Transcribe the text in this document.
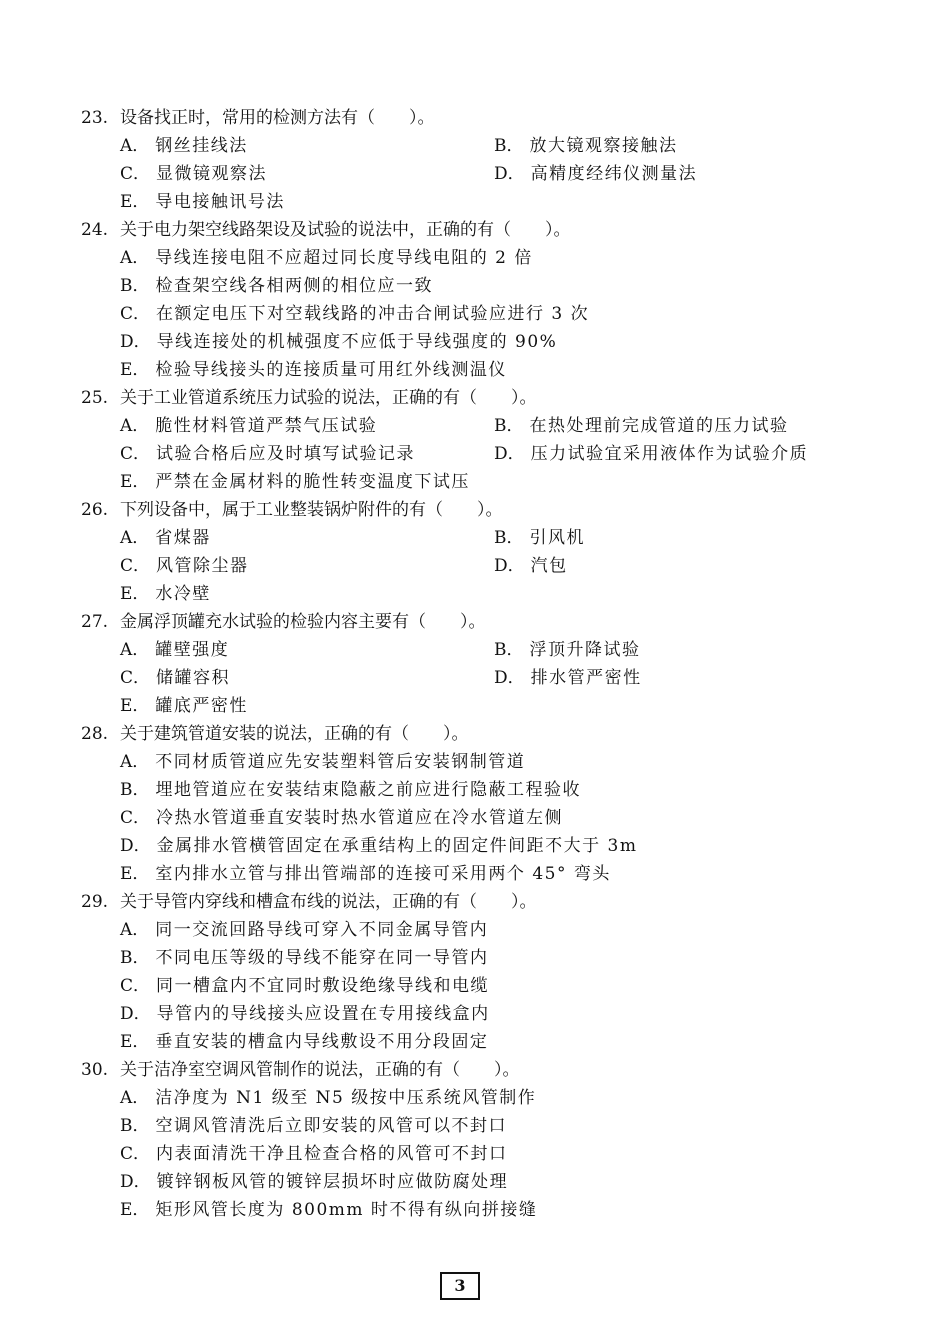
23. 设备找正时，常用的检测方法有（　　）。
A． 钢丝挂线法	B． 放大镜观察接触法
C． 显微镜观察法	D． 高精度经纬仪测量法
E． 导电接触讯号法
24. 关于电力架空线路架设及试验的说法中，正确的有（　　）。
A． 导线连接电阻不应超过同长度导线电阻的 2 倍
B． 检查架空线各相两侧的相位应一致
C． 在额定电压下对空载线路的冲击合闸试验应进行 3 次
D． 导线连接处的机械强度不应低于导线强度的 90%
E． 检验导线接头的连接质量可用红外线测温仪
25. 关于工业管道系统压力试验的说法，正确的有（　　）。
A． 脆性材料管道严禁气压试验	B． 在热处理前完成管道的压力试验
C． 试验合格后应及时填写试验记录	D． 压力试验宜采用液体作为试验介质
E． 严禁在金属材料的脆性转变温度下试压
26. 下列设备中，属于工业整装锅炉附件的有（　　）。
A． 省煤器	B． 引风机
C． 风管除尘器	D． 汽包
E． 水冷壁
27. 金属浮顶罐充水试验的检验内容主要有（　　）。
A． 罐壁强度	B． 浮顶升降试验
C． 储罐容积	D． 排水管严密性
E． 罐底严密性
28. 关于建筑管道安装的说法，正确的有（　　）。
A． 不同材质管道应先安装塑料管后安装钢制管道
B． 埋地管道应在安装结束隐蔽之前应进行隐蔽工程验收
C． 冷热水管道垂直安装时热水管道应在冷水管道左侧
D． 金属排水管横管固定在承重结构上的固定件间距不大于 3m
E． 室内排水立管与排出管端部的连接可采用两个 45° 弯头
29. 关于导管内穿线和槽盒布线的说法，正确的有（　　）。
A． 同一交流回路导线可穿入不同金属导管内
B． 不同电压等级的导线不能穿在同一导管内
C． 同一槽盒内不宜同时敷设绝缘导线和电缆
D． 导管内的导线接头应设置在专用接线盒内
E． 垂直安装的槽盒内导线敷设不用分段固定
30. 关于洁净室空调风管制作的说法，正确的有（　　）。
A． 洁净度为 N1 级至 N5 级按中压系统风管制作
B． 空调风管清洗后立即安装的风管可以不封口
C． 内表面清洗干净且检查合格的风管可不封口
D． 镀锌钢板风管的镀锌层损坏时应做防腐处理
E． 矩形风管长度为 800mm 时不得有纵向拼接缝
3
